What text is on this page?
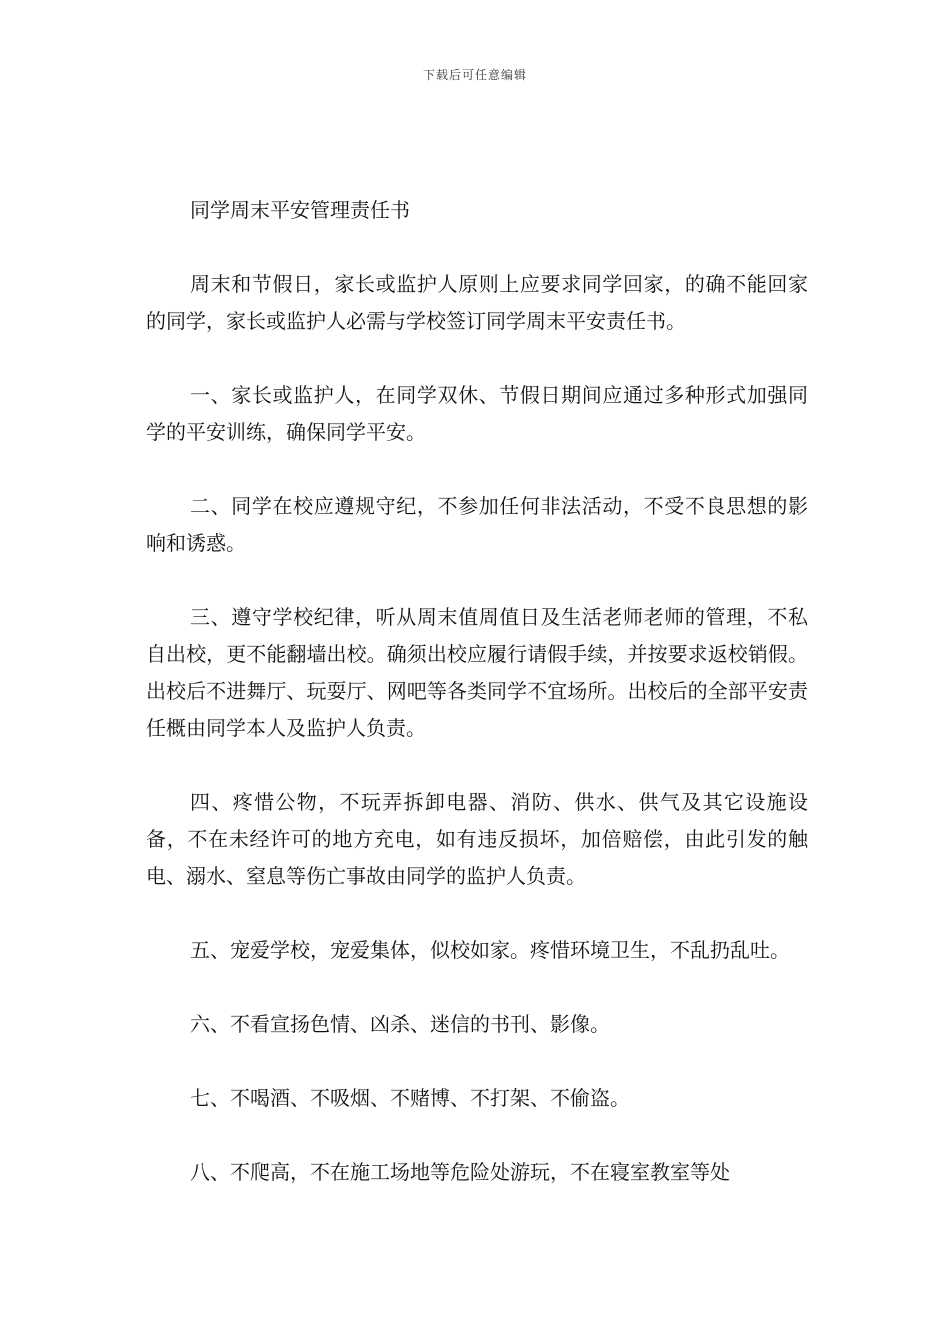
下载后可任意编辑
同学周末平安管理责任书

周末和节假日，家长或监护人原则上应要求同学回家，的确不能回家的同学，家长或监护人必需与学校签订同学周末平安责任书。

一、家长或监护人，在同学双休、节假日期间应通过多种形式加强同学的平安训练，确保同学平安。

二、同学在校应遵规守纪，不参加任何非法活动，不受不良思想的影响和诱惑。

三、遵守学校纪律，听从周末值周值日及生活老师老师的管理，不私自出校，更不能翻墙出校。确须出校应履行请假手续，并按要求返校销假。出校后不进舞厅、玩耍厅、网吧等各类同学不宜场所。出校后的全部平安责任概由同学本人及监护人负责。

四、疼惜公物，不玩弄拆卸电器、消防、供水、供气及其它设施设备，不在未经许可的地方充电，如有违反损坏，加倍赔偿，由此引发的触电、溺水、窒息等伤亡事故由同学的监护人负责。

五、宠爱学校，宠爱集体，似校如家。疼惜环境卫生，不乱扔乱吐。

六、不看宣扬色情、凶杀、迷信的书刊、影像。

七、不喝酒、不吸烟、不赌博、不打架、不偷盗。

八、不爬高，不在施工场地等危险处游玩，不在寝室教室等处
